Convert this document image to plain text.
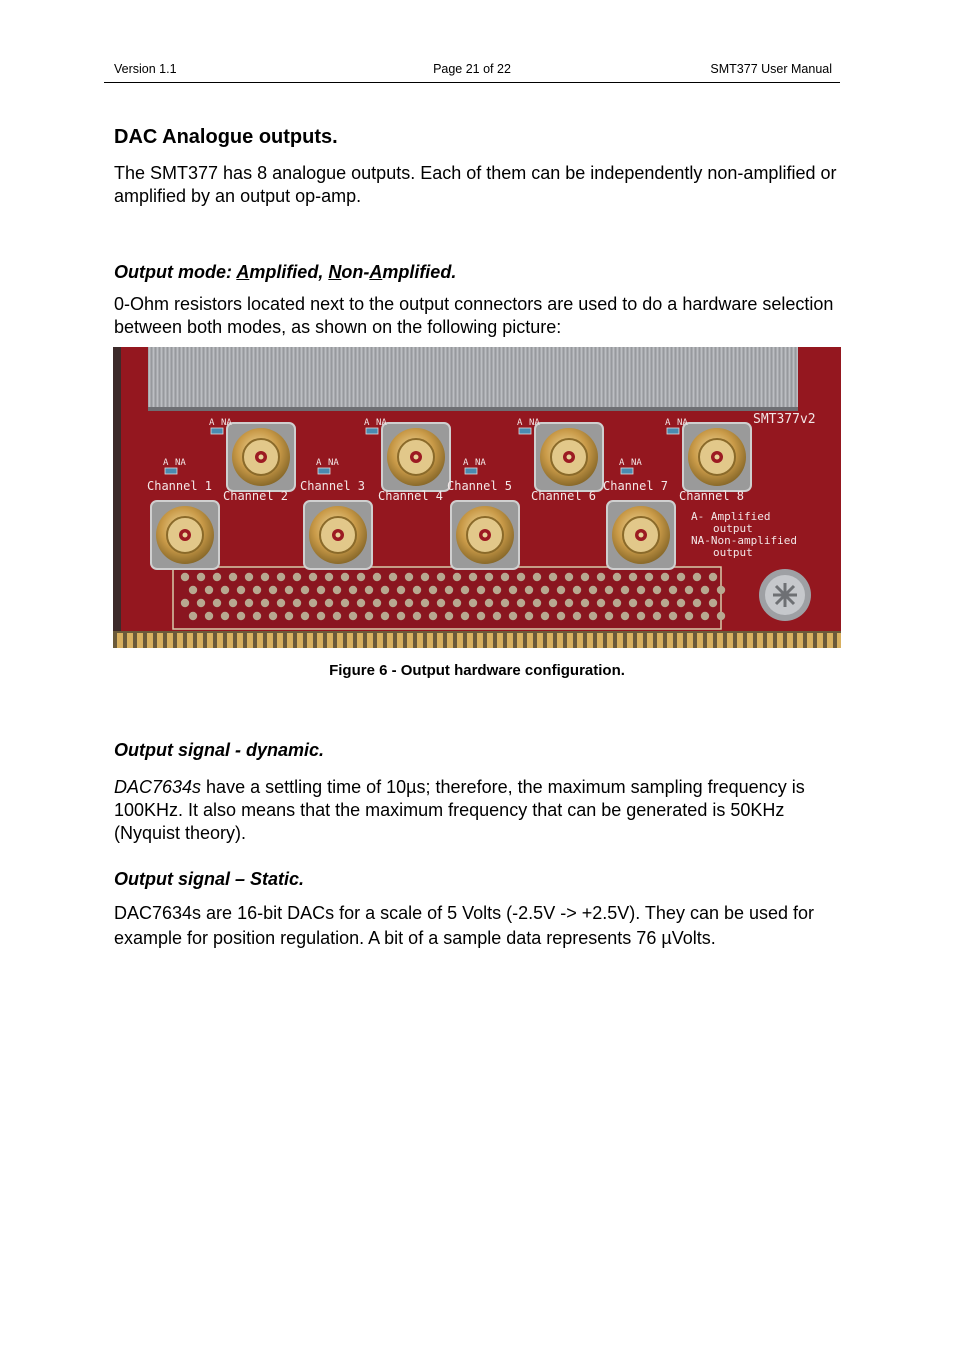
Version 1.1	Page 21 of 22	SMT377 User Manual
DAC Analogue outputs.

The SMT377 has 8 analogue outputs. Each of them can be independently non-amplified or amplified by an output op-amp.

Output mode: Amplified, Non-Amplified.

0-Ohm resistors located next to the output connectors are used to do a hardware selection between both modes, as shown on the following picture:

SMT377v2
Channel 1
A NA
Channel 2
A NA
Channel 3
A NA
Channel 4
A NA
Channel 5
A NA
Channel 6
A NA
Channel 7
A NA
Channel 8
A NA
A- Amplified
output
NA-Non-amplified
output
Figure 6 - Output hardware configuration.
Output signal - dynamic.

DAC7634s have a settling time of 10µs; therefore, the maximum sampling frequency is 100KHz. It also means that the maximum frequency that can be generated is 50KHz (Nyquist theory).

Output signal – Static.

DAC7634s are 16-bit DACs for a scale of 5 Volts (-2.5V -> +2.5V). They can be used for example for position regulation. A bit of a sample data represents 76 µVolts.
